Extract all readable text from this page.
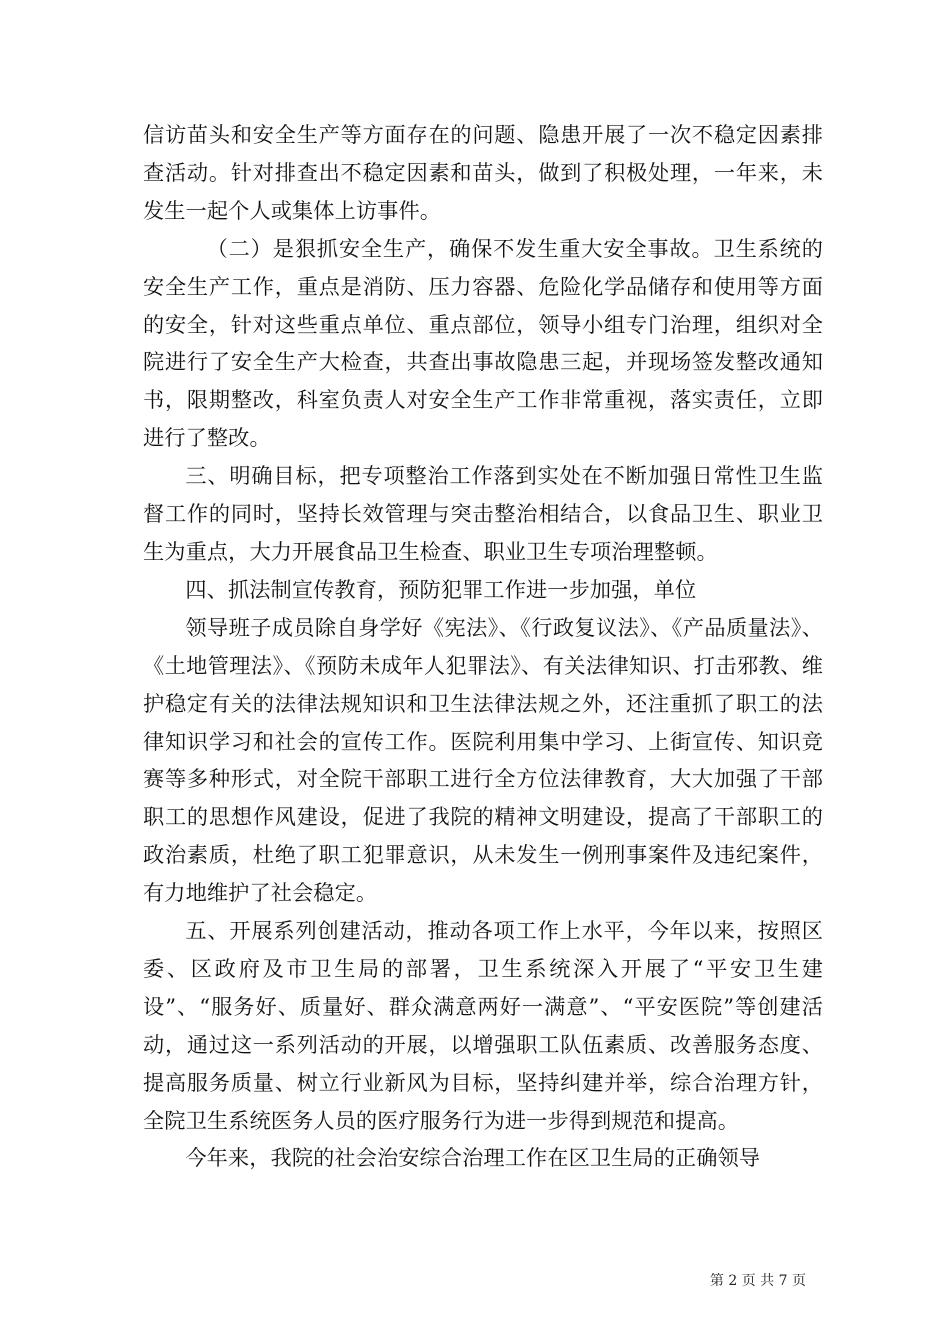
信访苗头和安全生产等方面存在的问题、隐患开展了一次不稳定因素排查活动。针对排查出不稳定因素和苗头，做到了积极处理，一年来，未发生一起个人或集体上访事件。

（二）是狠抓安全生产，确保不发生重大安全事故。卫生系统的安全生产工作，重点是消防、压力容器、危险化学品储存和使用等方面的安全，针对这些重点单位、重点部位，领导小组专门治理，组织对全院进行了安全生产大检查，共查出事故隐患三起，并现场签发整改通知书，限期整改，科室负责人对安全生产工作非常重视，落实责任，立即进行了整改。

三、明确目标，把专项整治工作落到实处在不断加强日常性卫生监督工作的同时，坚持长效管理与突击整治相结合，以食品卫生、职业卫生为重点，大力开展食品卫生检查、职业卫生专项治理整顿。

四、抓法制宣传教育，预防犯罪工作进一步加强，单位

领导班子成员除自身学好《宪法》、《行政复议法》、《产品质量法》、《土地管理法》、《预防未成年人犯罪法》、有关法律知识、打击邪教、维护稳定有关的法律法规知识和卫生法律法规之外，还注重抓了职工的法律知识学习和社会的宣传工作。医院利用集中学习、上街宣传、知识竞赛等多种形式，对全院干部职工进行全方位法律教育，大大加强了干部职工的思想作风建设，促进了我院的精神文明建设，提高了干部职工的政治素质，杜绝了职工犯罪意识，从未发生一例刑事案件及违纪案件，有力地维护了社会稳定。

五、开展系列创建活动，推动各项工作上水平，今年以来，按照区委、区政府及市卫生局的部署，卫生系统深入开展了“平安卫生建设”、“服务好、质量好、群众满意两好一满意”、“平安医院”等创建活动，通过这一系列活动的开展，以增强职工队伍素质、改善服务态度、提高服务质量、树立行业新风为目标，坚持纠建并举，综合治理方针，全院卫生系统医务人员的医疗服务行为进一步得到规范和提高。

今年来，我院的社会治安综合治理工作在区卫生局的正确领导

第 2 页 共 7 页
